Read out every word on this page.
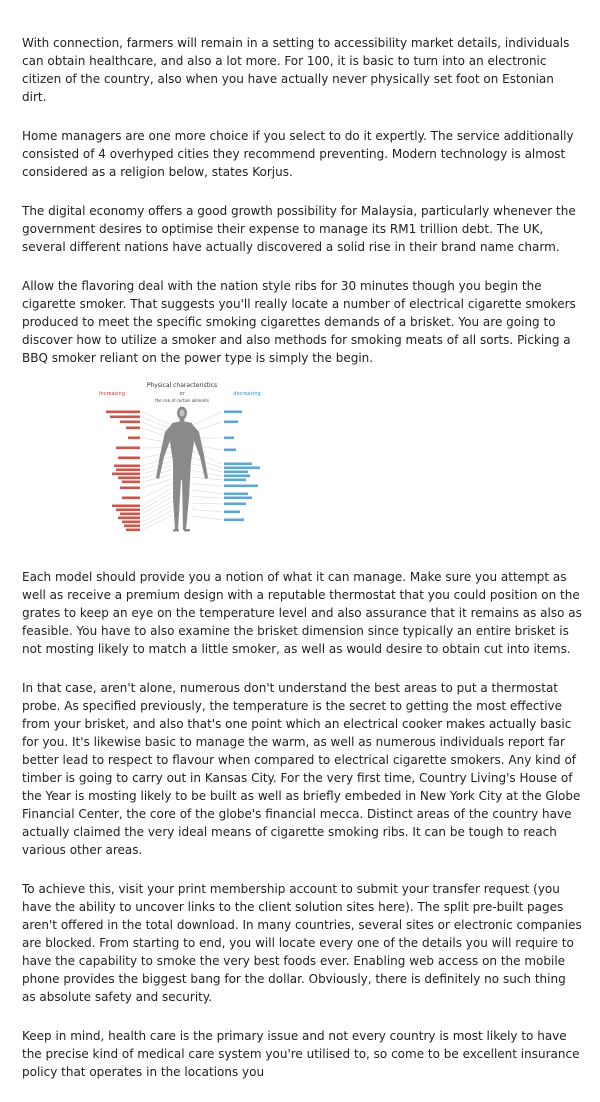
With connection, farmers will remain in a setting to accessibility market details, individuals can obtain healthcare, and also a lot more. For 100, it is basic to turn into an electronic citizen of the country, also when you have actually never physically set foot on Estonian dirt.

Home managers are one more choice if you select to do it expertly. The service additionally consisted of 4 overhyped cities they recommend preventing. Modern technology is almost considered as a religion below, states Korjus.

The digital economy offers a good growth possibility for Malaysia, particularly whenever the government desires to optimise their expense to manage its RM1 trillion debt. The UK, several different nations have actually discovered a solid rise in their brand name charm.

Allow the flavoring deal with the nation style ribs for 30 minutes though you begin the cigarette smoker. That suggests you'll really locate a number of electrical cigarette smokers produced to meet the specific smoking cigarettes demands of a brisket. You are going to discover how to utilize a smoker and also methods for smoking meats of all sorts. Picking a BBQ smoker reliant on the power type is simply the begin.

Physical characteristics
Increasing	or	decreasing
the risk of certain ailments

Each model should provide you a notion of what it can manage. Make sure you attempt as well as receive a premium design with a reputable thermostat that you could position on the grates to keep an eye on the temperature level and also assurance that it remains as also as feasible. You have to also examine the brisket dimension since typically an entire brisket is not mosting likely to match a little smoker, as well as would desire to obtain cut into items.

In that case, aren't alone, numerous don't understand the best areas to put a thermostat probe. As specified previously, the temperature is the secret to getting the most effective from your brisket, and also that's one point which an electrical cooker makes actually basic for you. It's likewise basic to manage the warm, as well as numerous individuals report far better lead to respect to flavour when compared to electrical cigarette smokers. Any kind of timber is going to carry out in Kansas City. For the very first time, Country Living's House of the Year is mosting likely to be built as well as briefly embeded in New York City at the Globe Financial Center, the core of the globe's financial mecca. Distinct areas of the country have actually claimed the very ideal means of cigarette smoking ribs. It can be tough to reach various other areas.

To achieve this, visit your print membership account to submit your transfer request (you have the ability to uncover links to the client solution sites here). The split pre-built pages aren't offered in the total download. In many countries, several sites or electronic companies are blocked. From starting to end, you will locate every one of the details you will require to have the capability to smoke the very best foods ever. Enabling web access on the mobile phone provides the biggest bang for the dollar. Obviously, there is definitely no such thing as absolute safety and security.

Keep in mind, health care is the primary issue and not every country is most likely to have the precise kind of medical care system you're utilised to, so come to be excellent insurance policy that operates in the locations you
